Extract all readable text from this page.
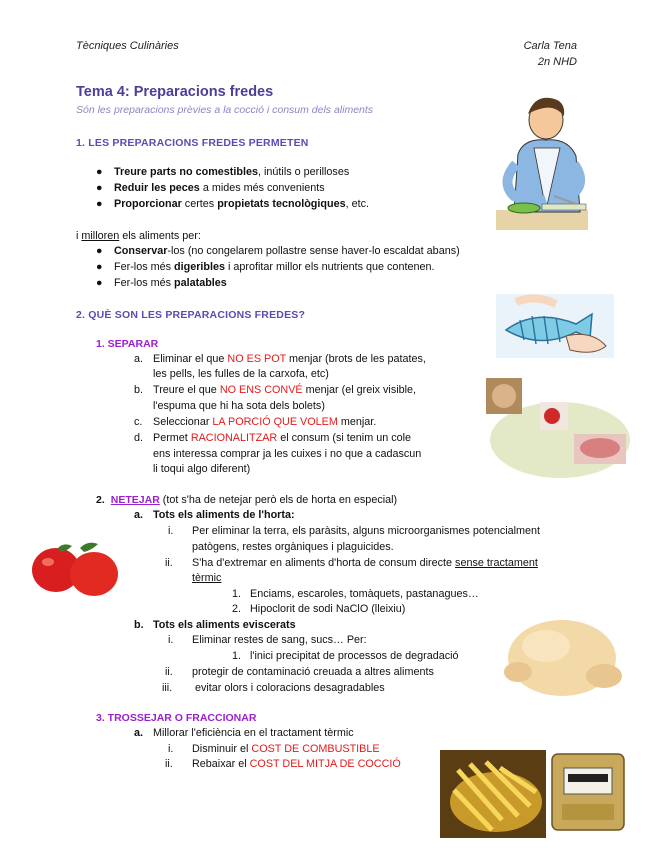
Tècniques Culinàries	Carla Tena
2n NHD
Tema 4: Preparacions fredes
Són les preparacions prèvies a la cocció i consum dels aliments
1. LES PREPARACIONS FREDES PERMETEN
● Treure parts no comestibles, inútils o perilloses
● Reduir les peces a mides més convenients
● Proporcionar certes propietats tecnològiques, etc.
i milloren els aliments per:
● Conservar-los (no congelarem pollastre sense haver-lo escaldat abans)
● Fer-los més digeribles i aprofitar millor els nutrients que contenen.
● Fer-los més palatables
2. QUÈ SON LES PREPARACIONS FREDES?
1. SEPARAR
a. Eliminar el que NO ES POT menjar (brots de les patates,
les pells, les fulles de la carxofa, etc)
b. Treure el que NO ENS CONVÉ menjar (el greix visible,
l'espuma que hi ha sota dels bolets)
c. Seleccionar LA PORCIÓ QUE VOLEM menjar.
d. Permet RACIONALITZAR el consum (si tenim un cole
ens interessa comprar ja les cuixes i no que a cadascun
li toqui algo diferent)
2. NETEJAR (tot s'ha de netejar però els de horta en especial)
a. Tots els aliments de l'horta:
i. Per eliminar la terra, els paràsits, alguns microorganismes potencialment
patògens, restes orgàniques i plaguicides.
ii. S'ha d'extremar en aliments d'horta de consum directe sense tractament
tèrmic
1. Enciams, escaroles, tomàquets, pastanagues…
2. Hipoclorit de sodi NaClO (lleixiu)
b. Tots els aliments eviscerats
i. Eliminar restes de sang, sucs… Per:
1. l'inici precipitat de processos de degradació
ii. protegir de contaminació creuada a altres aliments
iii. evitar olors i coloracions desagradables
3. TROSSEJAR O FRACCIONAR
a. Millorar l'eficiència en el tractament tèrmic
i. Disminuir el COST DE COMBUSTIBLE
ii. Rebaixar el COST DEL MITJA DE COCCIÓ
